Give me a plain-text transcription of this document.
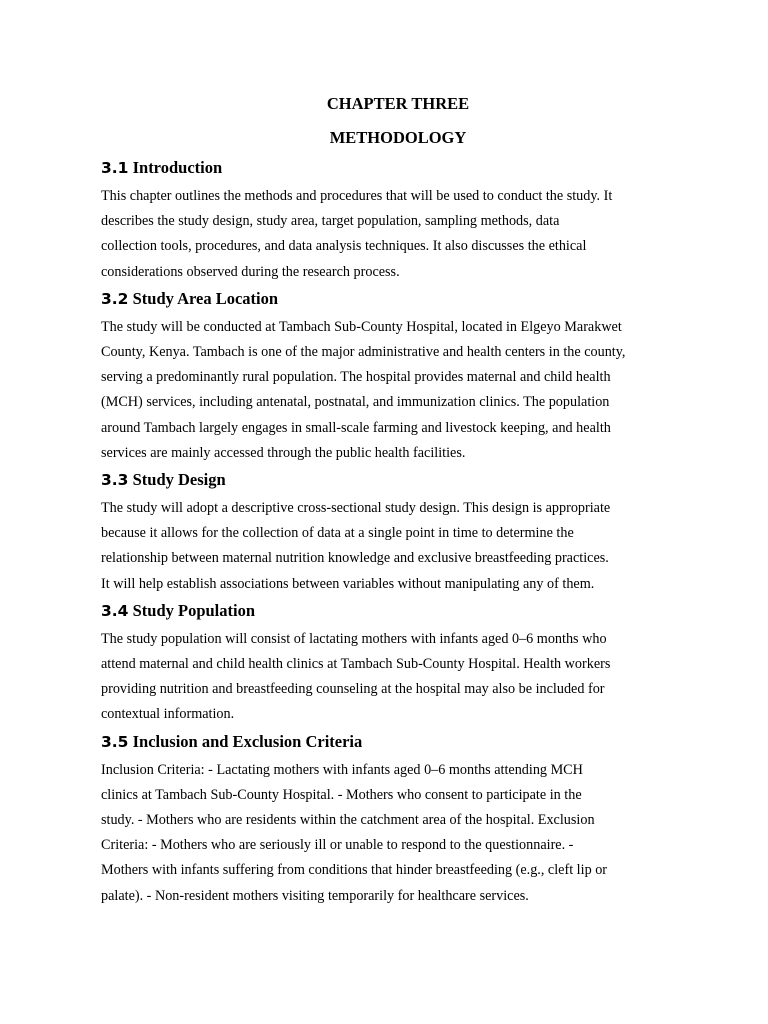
CHAPTER THREE
METHODOLOGY
3.1 Introduction

This chapter outlines the methods and procedures that will be used to conduct the study. It
describes the study design, study area, target population, sampling methods, data
collection tools, procedures, and data analysis techniques. It also discusses the ethical
considerations observed during the research process.

3.2 Study Area Location

The study will be conducted at Tambach Sub-County Hospital, located in Elgeyo Marakwet
County, Kenya. Tambach is one of the major administrative and health centers in the county,
serving a predominantly rural population. The hospital provides maternal and child health
(MCH) services, including antenatal, postnatal, and immunization clinics. The population
around Tambach largely engages in small-scale farming and livestock keeping, and health
services are mainly accessed through the public health facilities.

3.3 Study Design

The study will adopt a descriptive cross-sectional study design. This design is appropriate
because it allows for the collection of data at a single point in time to determine the
relationship between maternal nutrition knowledge and exclusive breastfeeding practices.
It will help establish associations between variables without manipulating any of them.

3.4 Study Population

The study population will consist of lactating mothers with infants aged 0–6 months who
attend maternal and child health clinics at Tambach Sub-County Hospital. Health workers
providing nutrition and breastfeeding counseling at the hospital may also be included for
contextual information.

3.5 Inclusion and Exclusion Criteria

Inclusion Criteria: - Lactating mothers with infants aged 0–6 months attending MCH
clinics at Tambach Sub-County Hospital. - Mothers who consent to participate in the
study. - Mothers who are residents within the catchment area of the hospital. Exclusion
Criteria: - Mothers who are seriously ill or unable to respond to the questionnaire. -
Mothers with infants suffering from conditions that hinder breastfeeding (e.g., cleft lip or
palate). - Non-resident mothers visiting temporarily for healthcare services.
